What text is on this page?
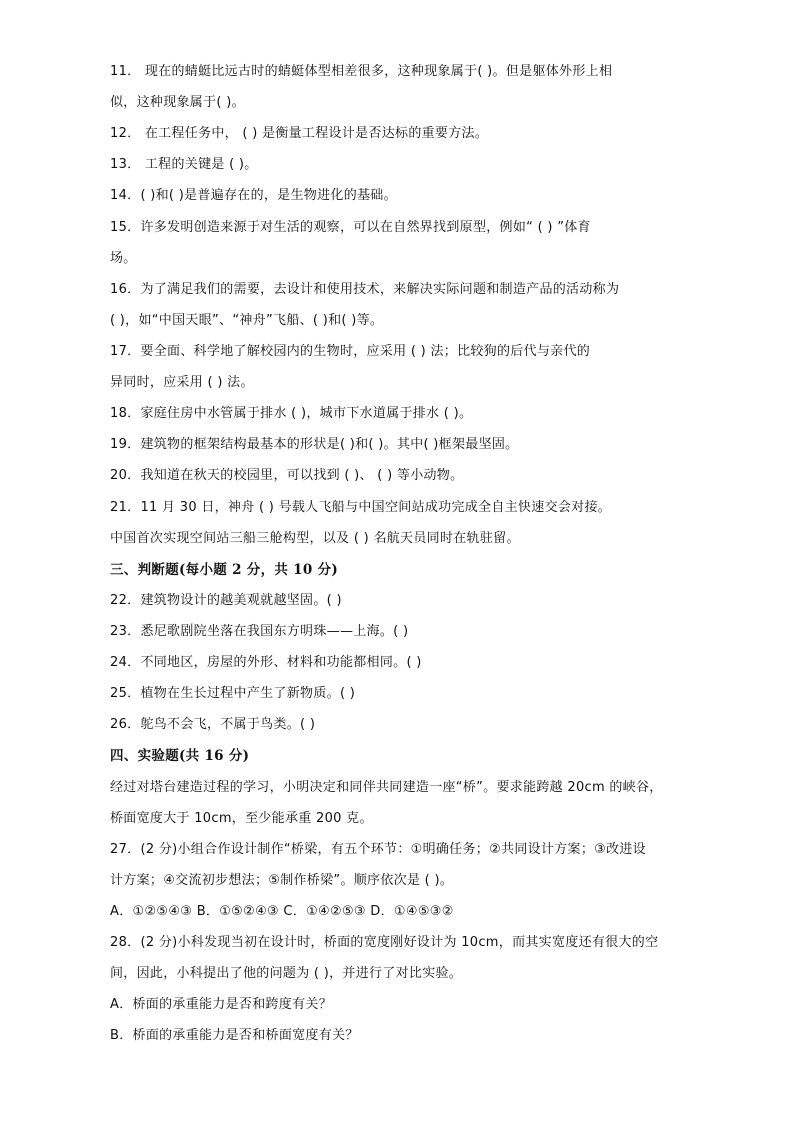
11． 现在的蜻蜓比远古时的蜻蜓体型相差很多，这种现象属于( )。但是躯体外形上相
似，这种现象属于( )。
12． 在工程任务中， ( ) 是衡量工程设计是否达标的重要方法。
13． 工程的关键是 ( )。
14．( )和( )是普遍存在的，是生物进化的基础。
15．许多发明创造来源于对生活的观察，可以在自然界找到原型，例如“ ( ) ”体育
场。
16．为了满足我们的需要，去设计和使用技术，来解决实际问题和制造产品的活动称为
( )，如“中国天眼”、“神舟”飞船、( )和( )等。
17．要全面、科学地了解校园内的生物时，应采用 ( ) 法；比较狗的后代与亲代的
异同时，应采用 ( ) 法。
18．家庭住房中水管属于排水 ( )，城市下水道属于排水 ( )。
19．建筑物的框架结构最基本的形状是( )和( )。其中( )框架最坚固。
20．我知道在秋天的校园里，可以找到 ( )、 ( ) 等小动物。
21．11 月 30 日，神舟 ( ) 号载人飞船与中国空间站成功完成全自主快速交会对接。
中国首次实现空间站三船三舱构型，以及 ( ) 名航天员同时在轨驻留。
三、判断题(每小题 2 分，共 10 分)
22．建筑物设计的越美观就越坚固。( )
23．悉尼歌剧院坐落在我国东方明珠——上海。( )
24．不同地区，房屋的外形、材料和功能都相同。( )
25．植物在生长过程中产生了新物质。( )
26．鸵鸟不会飞，不属于鸟类。( )
四、实验题(共 16 分)
经过对塔台建造过程的学习，小明决定和同伴共同建造一座“桥”。要求能跨越 20cm 的峡谷，
桥面宽度大于 10cm，至少能承重 200 克。
27．(2 分)小组合作设计制作“桥梁，有五个环节：①明确任务；②共同设计方案；③改进设
计方案；④交流初步想法；⑤制作桥梁”。顺序依次是 ( )。
A．①②⑤④③ B．①⑤②④③ C．①④②⑤③ D．①④⑤③②
28．(2 分)小科发现当初在设计时，桥面的宽度刚好设计为 10cm，而其实宽度还有很大的空
间，因此，小科提出了他的问题为 ( )，并进行了对比实验。
A．桥面的承重能力是否和跨度有关？
B．桥面的承重能力是否和桥面宽度有关？
